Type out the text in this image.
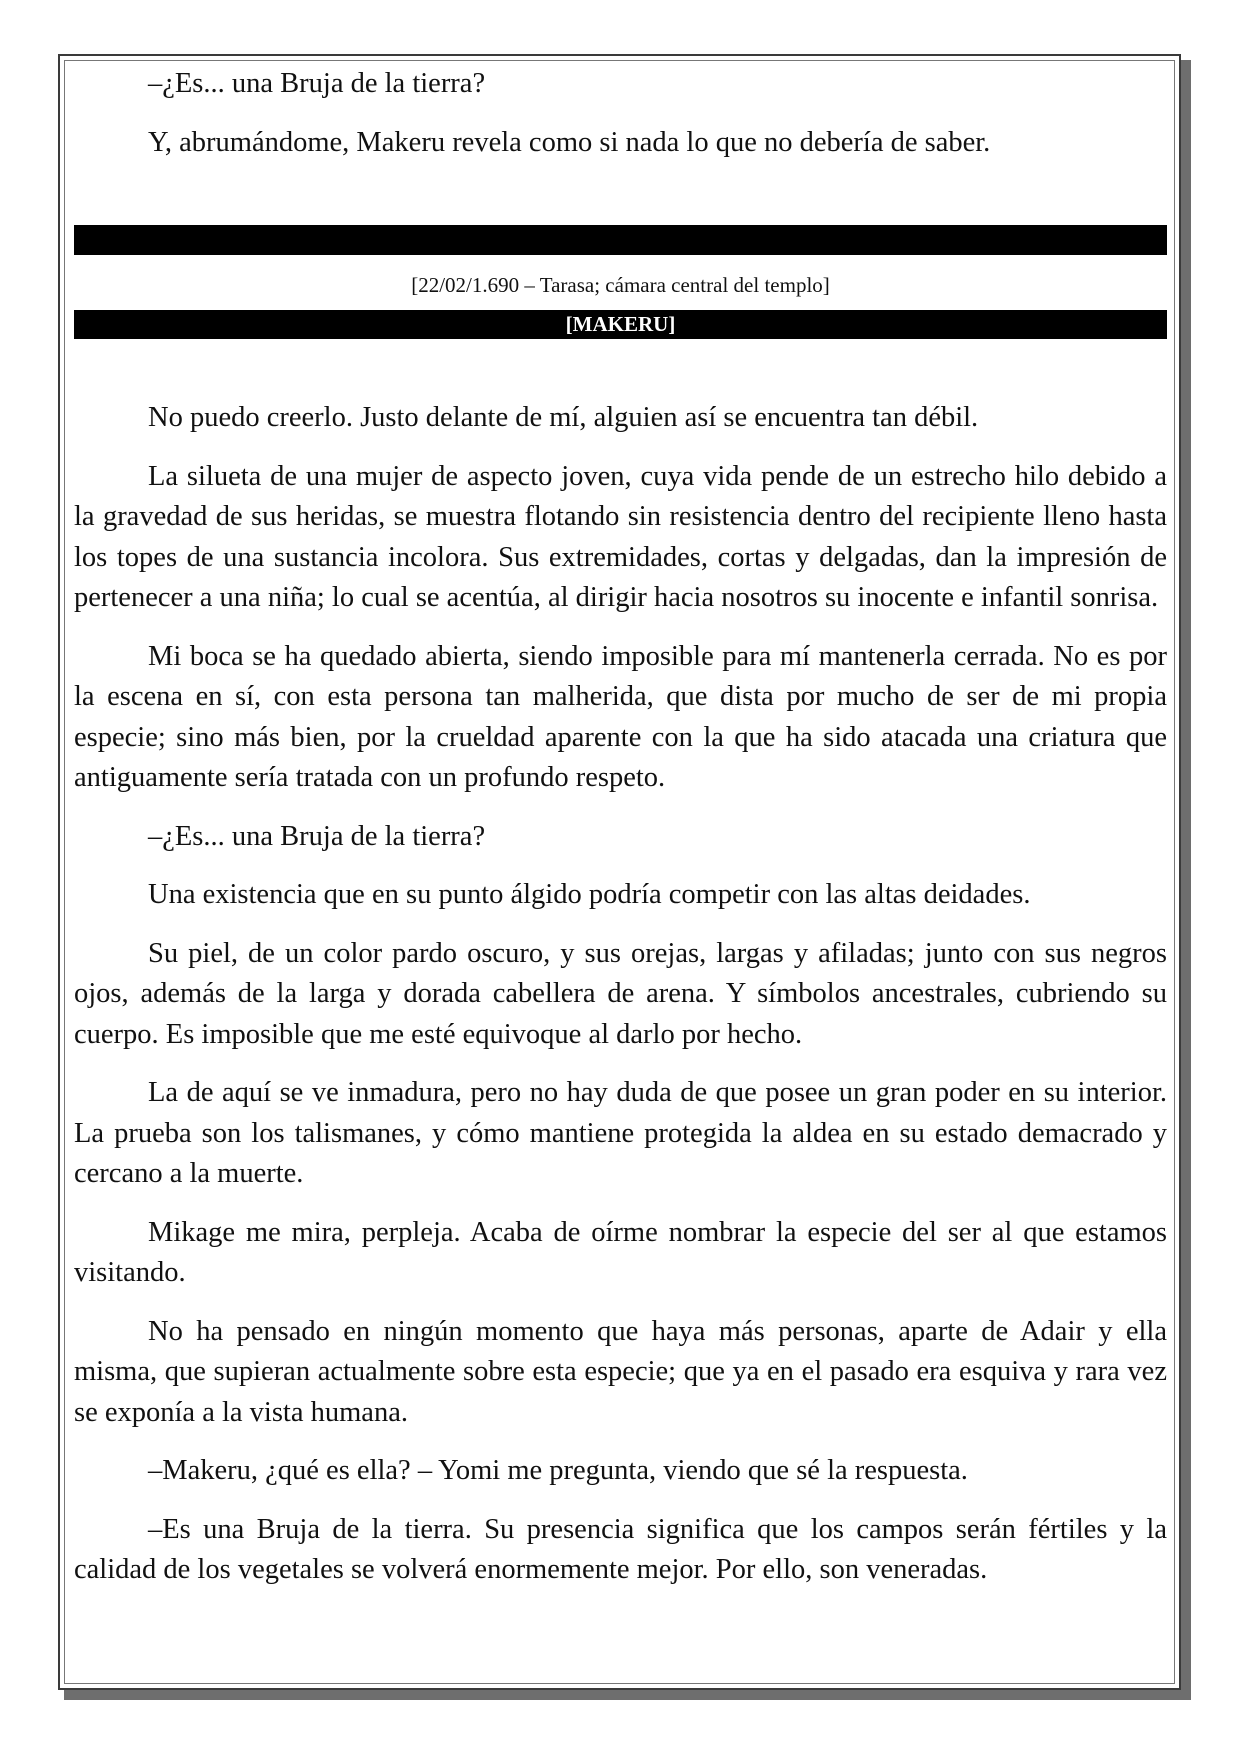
–¿Es... una Bruja de la tierra?

Y, abrumándome, Makeru revela como si nada lo que no debería de saber.

[22/02/1.690 – Tarasa; cámara central del templo]
[MAKERU]

No puedo creerlo. Justo delante de mí, alguien así se encuentra tan débil.

La silueta de una mujer de aspecto joven, cuya vida pende de un estrecho hilo debido a la gravedad de sus heridas, se muestra flotando sin resistencia dentro del recipiente lleno hasta los topes de una sustancia incolora. Sus extremidades, cortas y delgadas, dan la impresión de pertenecer a una niña; lo cual se acentúa, al dirigir hacia nosotros su inocente e infantil sonrisa.

Mi boca se ha quedado abierta, siendo imposible para mí mantenerla cerrada. No es por la escena en sí, con esta persona tan malherida, que dista por mucho de ser de mi propia especie; sino más bien, por la crueldad aparente con la que ha sido atacada una criatura que antiguamente sería tratada con un profundo respeto.

–¿Es... una Bruja de la tierra?

Una existencia que en su punto álgido podría competir con las altas deidades.

Su piel, de un color pardo oscuro, y sus orejas, largas y afiladas; junto con sus negros ojos, además de la larga y dorada cabellera de arena. Y símbolos ancestrales, cubriendo su cuerpo. Es imposible que me esté equivoque al darlo por hecho.

La de aquí se ve inmadura, pero no hay duda de que posee un gran poder en su interior. La prueba son los talismanes, y cómo mantiene protegida la aldea en su estado demacrado y cercano a la muerte.

Mikage me mira, perpleja. Acaba de oírme nombrar la especie del ser al que estamos visitando.

No ha pensado en ningún momento que haya más personas, aparte de Adair y ella misma, que supieran actualmente sobre esta especie; que ya en el pasado era esquiva y rara vez se exponía a la vista humana.

–Makeru, ¿qué es ella? – Yomi me pregunta, viendo que sé la respuesta.

–Es una Bruja de la tierra. Su presencia significa que los campos serán fértiles y la calidad de los vegetales se volverá enormemente mejor. Por ello, son veneradas.
